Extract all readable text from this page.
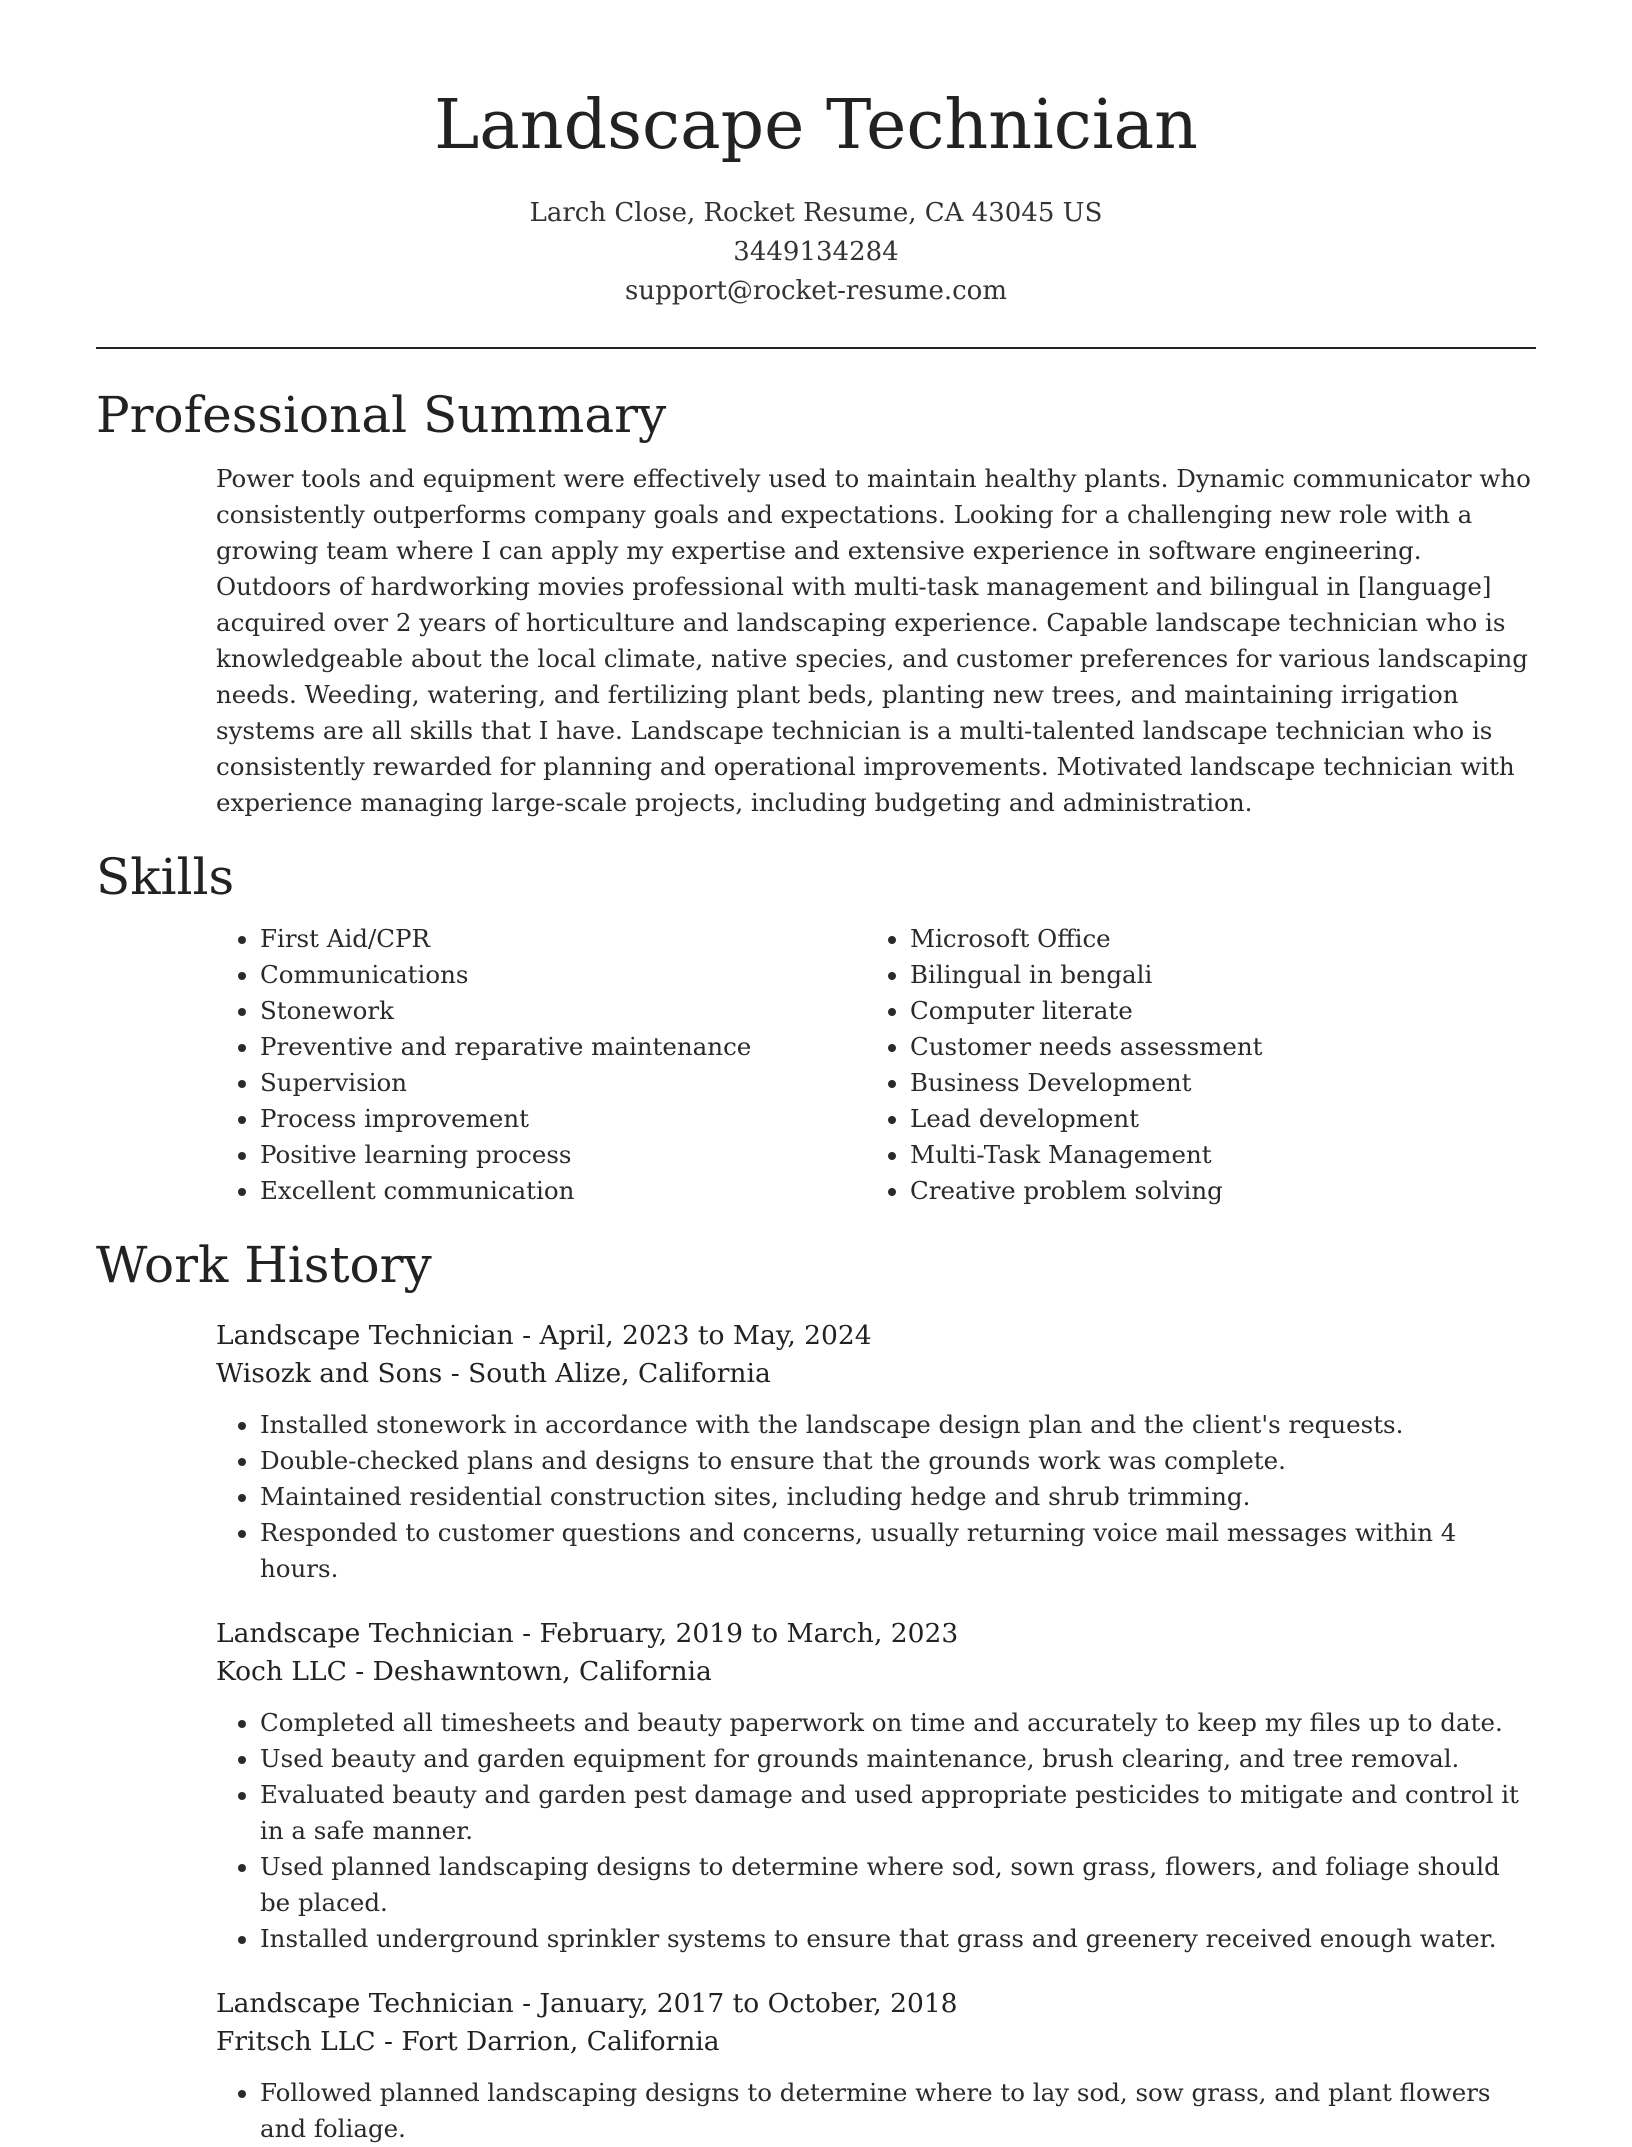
Landscape Technician
Larch Close, Rocket Resume, CA 43045 US
3449134284
support@rocket-resume.com
Professional Summary

Power tools and equipment were effectively used to maintain healthy plants. Dynamic communicator who consistently outperforms company goals and expectations. Looking for a challenging new role with a growing team where I can apply my expertise and extensive experience in software engineering. Outdoors of hardworking movies professional with multi-task management and bilingual in [language] acquired over 2 years of horticulture and landscaping experience. Capable landscape technician who is knowledgeable about the local climate, native species, and customer preferences for various landscaping needs. Weeding, watering, and fertilizing plant beds, planting new trees, and maintaining irrigation systems are all skills that I have. Landscape technician is a multi-talented landscape technician who is consistently rewarded for planning and operational improvements. Motivated landscape technician with experience managing large-scale projects, including budgeting and administration.

Skills
• First Aid/CPR
• Communications
• Stonework
• Preventive and reparative maintenance
• Supervision
• Process improvement
• Positive learning process
• Excellent communication
• Microsoft Office
• Bilingual in bengali
• Computer literate
• Customer needs assessment
• Business Development
• Lead development
• Multi-Task Management
• Creative problem solving
Work History
Landscape Technician - April, 2023 to May, 2024
Wisozk and Sons - South Alize, California
• Installed stonework in accordance with the landscape design plan and the client's requests.
• Double-checked plans and designs to ensure that the grounds work was complete.
• Maintained residential construction sites, including hedge and shrub trimming.
• Responded to customer questions and concerns, usually returning voice mail messages within 4 hours.
Landscape Technician - February, 2019 to March, 2023
Koch LLC - Deshawntown, California
• Completed all timesheets and beauty paperwork on time and accurately to keep my files up to date.
• Used beauty and garden equipment for grounds maintenance, brush clearing, and tree removal.
• Evaluated beauty and garden pest damage and used appropriate pesticides to mitigate and control it in a safe manner.
• Used planned landscaping designs to determine where sod, sown grass, flowers, and foliage should be placed.
• Installed underground sprinkler systems to ensure that grass and greenery received enough water.
Landscape Technician - January, 2017 to October, 2018
Fritsch LLC - Fort Darrion, California
• Followed planned landscaping designs to determine where to lay sod, sow grass, and plant flowers and foliage.
